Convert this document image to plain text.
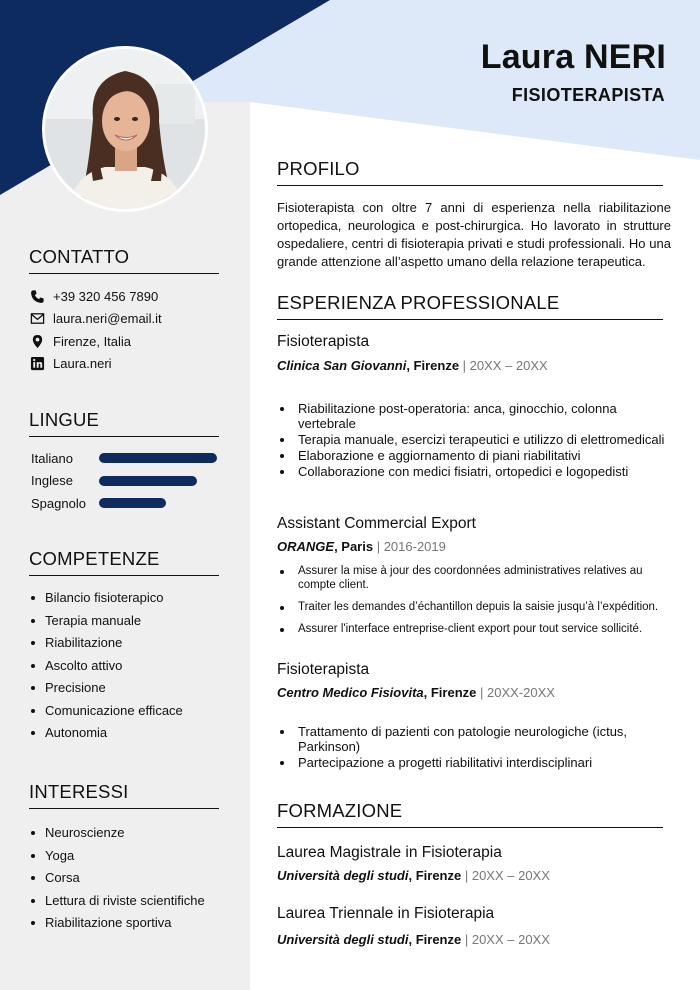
Laura NERI
FISIOTERAPISTA
CONTATTO
+39 320 456 7890
laura.neri@email.it
Firenze, Italia
Laura.neri
LINGUE
Italiano
Inglese
Spagnolo
COMPETENZE
Bilancio fisioterapico
Terapia manuale
Riabilitazione
Ascolto attivo
Precisione
Comunicazione efficace
Autonomia
INTERESSI
Neuroscienze
Yoga
Corsa
Lettura di riviste scientifiche
Riabilitazione sportiva
PROFILO
Fisioterapista con oltre 7 anni di esperienza nella riabilitazione ortopedica, neurologica e post-chirurgica. Ho lavorato in strutture ospedaliere, centri di fisioterapia privati e studi professionali. Ho una grande attenzione all’aspetto umano della relazione terapeutica.
ESPERIENZA PROFESSIONALE
Fisioterapista
Clinica San Giovanni, Firenze | 20XX – 20XX
Riabilitazione post-operatoria: anca, ginocchio, colonna vertebrale
Terapia manuale, esercizi terapeutici e utilizzo di elettromedicali
Elaborazione e aggiornamento di piani riabilitativi
Collaborazione con medici fisiatri, ortopedici e logopedisti
Assistant Commercial Export
ORANGE, Paris | 2016-2019
Assurer la mise à jour des coordonnées administratives relatives au compte client.
Traiter les demandes d’échantillon depuis la saisie jusqu’à l’expédition.
Assurer l'interface entreprise-client export pour tout service sollicité.
Fisioterapista
Centro Medico Fisiovita, Firenze | 20XX-20XX
Trattamento di pazienti con patologie neurologiche (ictus, Parkinson)
Partecipazione a progetti riabilitativi interdisciplinari
FORMAZIONE
Laurea Magistrale in Fisioterapia
Università degli studi, Firenze | 20XX – 20XX
Laurea Triennale in Fisioterapia
Università degli studi, Firenze | 20XX – 20XX
